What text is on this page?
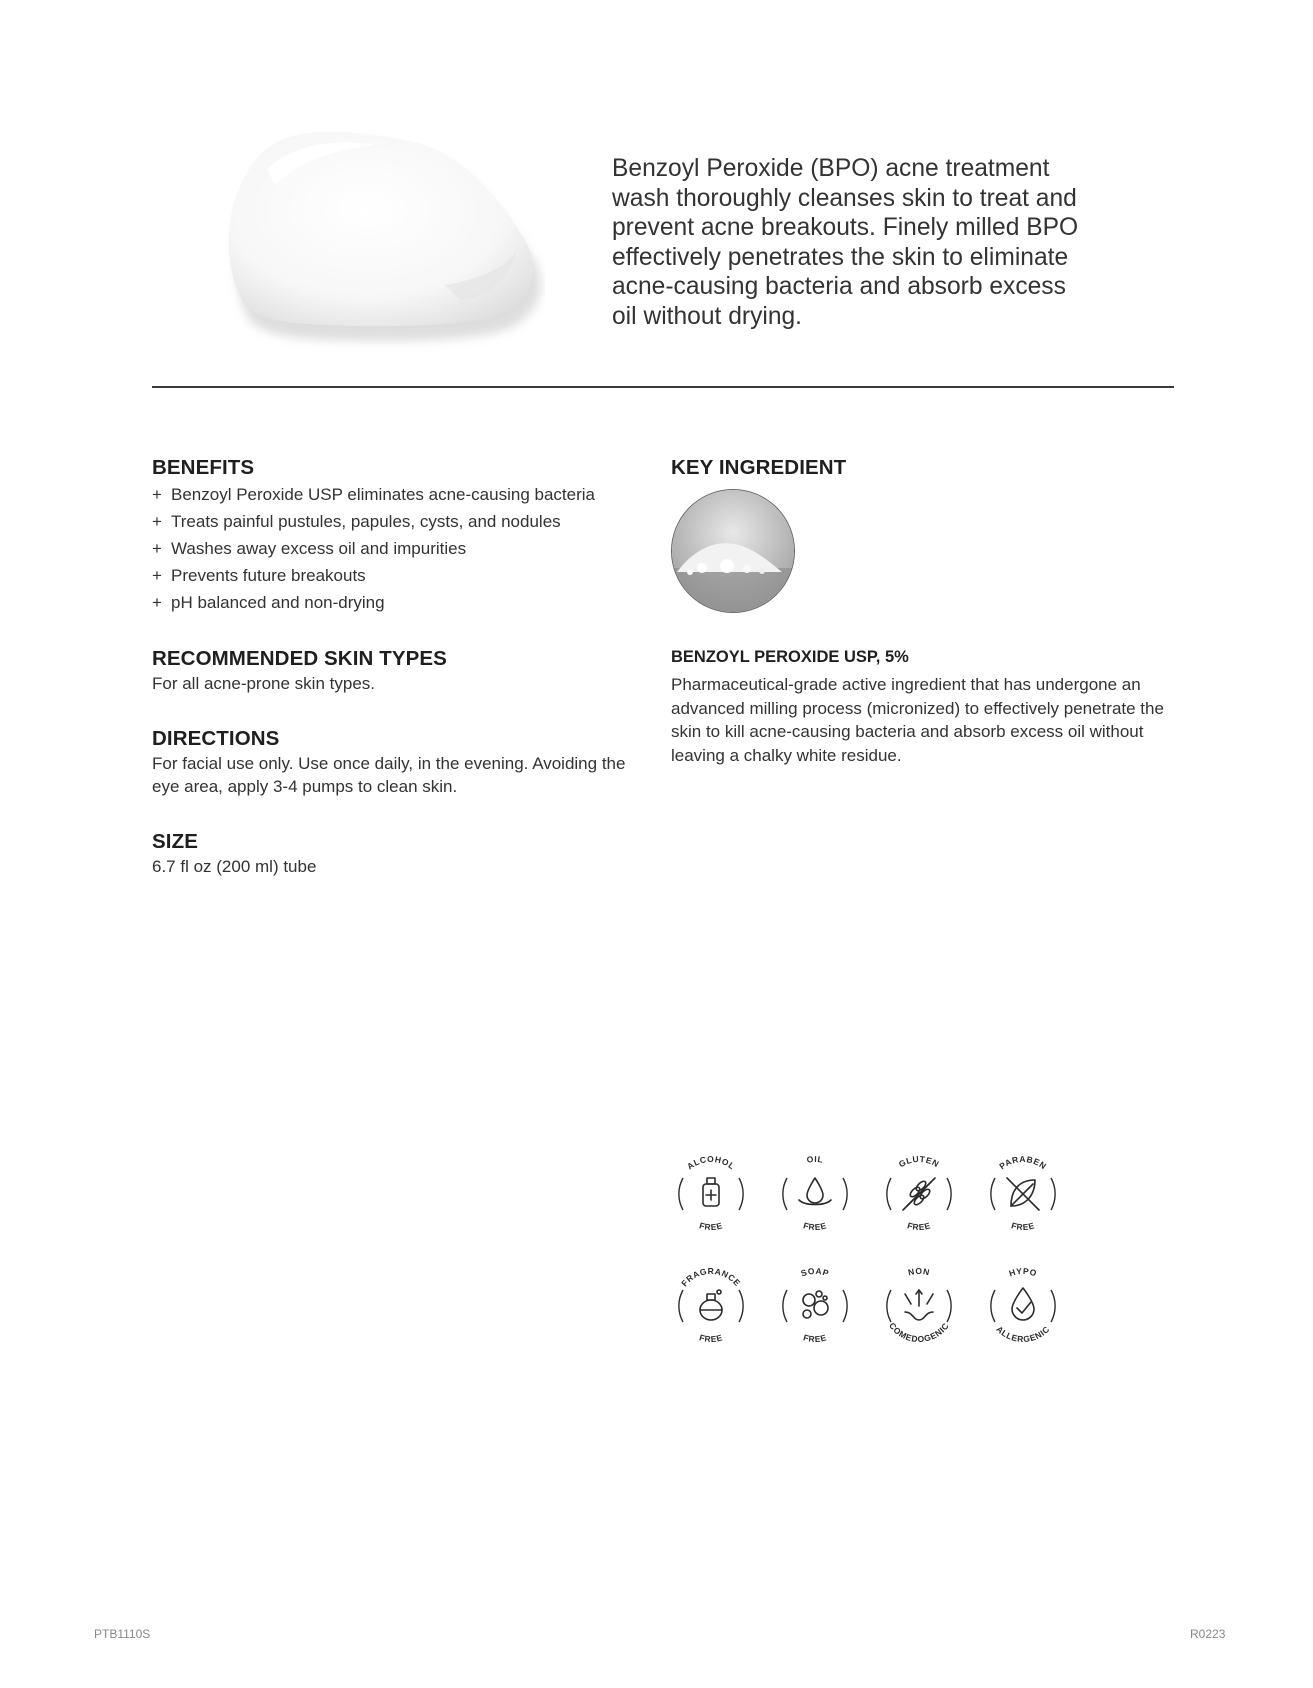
Benzoyl Peroxide (BPO) acne treatment wash thoroughly cleanses skin to treat and prevent acne breakouts. Finely milled BPO effectively penetrates the skin to eliminate acne-causing bacteria and absorb excess oil without drying.

BENEFITS
+ Benzoyl Peroxide USP eliminates acne-causing bacteria
+ Treats painful pustules, papules, cysts, and nodules
+ Washes away excess oil and impurities
+ Prevents future breakouts
+ pH balanced and non-drying
RECOMMENDED SKIN TYPES

For all acne-prone skin types.

DIRECTIONS

For facial use only. Use once daily, in the evening. Avoiding the eye area, apply 3-4 pumps to clean skin.

SIZE

6.7 fl oz (200 ml) tube

KEY INGREDIENT
BENZOYL PEROXIDE USP, 5%

Pharmaceutical-grade active ingredient that has undergone an advanced milling process (micronized) to effectively penetrate the skin to kill acne-causing bacteria and absorb excess oil without leaving a chalky white residue.

ALCOHOL
FREE
OIL
FREE
GLUTEN
FREE
PARABEN
FREE
FRAGRANCE
FREE
SOAP
FREE
NON
COMEDOGENIC
HYPO
ALLERGENIC
PTB1110S	R0223
